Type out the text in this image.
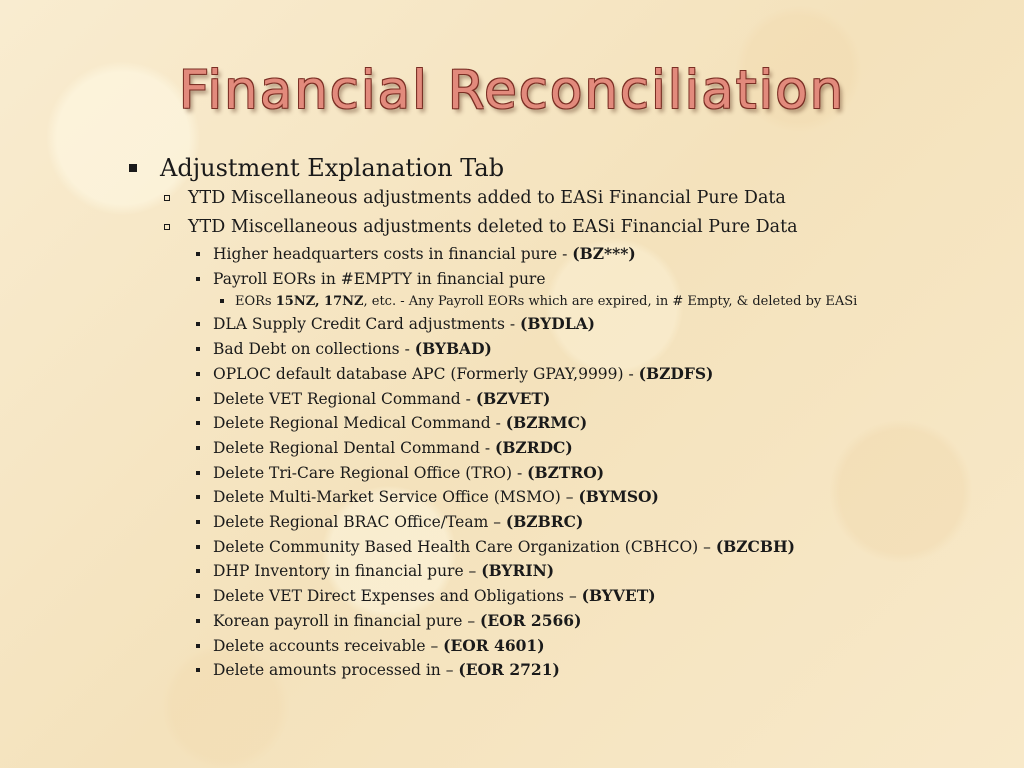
Financial Reconciliation
Adjustment Explanation Tab
YTD Miscellaneous adjustments added to EASi Financial Pure Data
YTD Miscellaneous adjustments deleted to EASi Financial Pure Data
Higher headquarters costs in financial pure - (BZ***)
Payroll EORs in #EMPTY in financial pure
EORs 15NZ, 17NZ, etc. - Any Payroll EORs which are expired, in # Empty, & deleted by EASi
DLA Supply Credit Card adjustments - (BYDLA)
Bad Debt on collections - (BYBAD)
OPLOC default database APC (Formerly GPAY,9999) - (BZDFS)
Delete VET Regional Command - (BZVET)
Delete Regional Medical Command - (BZRMC)
Delete Regional Dental Command - (BZRDC)
Delete Tri-Care Regional Office (TRO) - (BZTRO)
Delete Multi-Market Service Office (MSMO) – (BYMSO)
Delete Regional BRAC Office/Team – (BZBRC)
Delete Community Based Health Care Organization (CBHCO) – (BZCBH)
DHP Inventory in financial pure – (BYRIN)
Delete VET Direct Expenses and Obligations – (BYVET)
Korean payroll in financial pure – (EOR 2566)
Delete accounts receivable – (EOR 4601)
Delete amounts processed in – (EOR 2721)
